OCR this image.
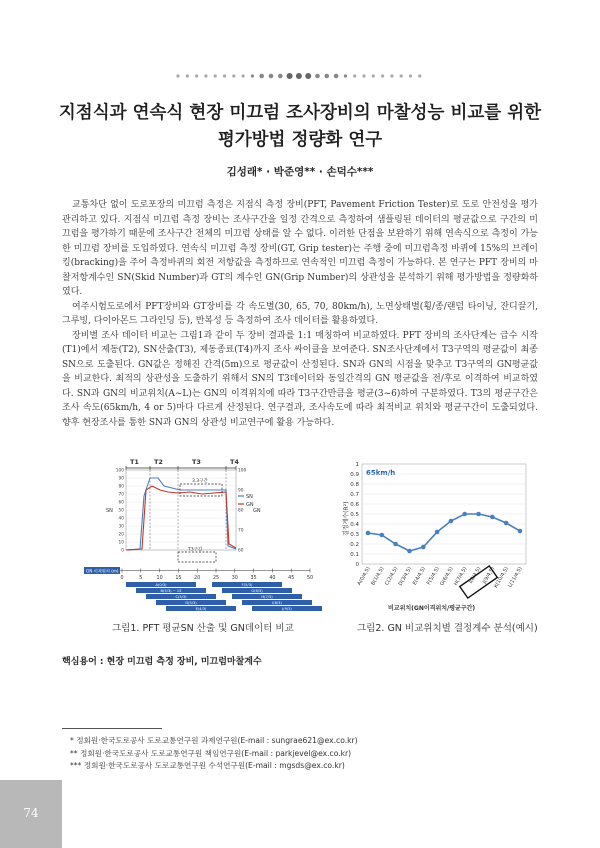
지점식과 연속식 현장 미끄럼 조사장비의 마찰성능 비교를 위한
평가방법 정량화 연구
김성래* · 박준영** · 손덕수***

교통차단 없이 도로포장의 미끄럼 측정은 지점식 측정 장비(PFT, Pavement Friction Tester)로 도로 안전성을 평가 관리하고 있다. 지점식 미끄럼 측정 장비는 조사구간을 일정 간격으로 측정하여 샘플링된 데이터의 평균값으로 구간의 미끄럼을 평가하기 때문에 조사구간 전체의 미끄럼 상태를 알 수 없다. 이러한 단점을 보완하기 위해 연속식으로 측정이 가능한 미끄럼 장비를 도입하였다. 연속식 미끄럼 측정 장비(GT, Grip tester)는 주행 중에 미끄럼측정 바퀴에 15%의 브레이킹(bracking)을 주어 측정바퀴의 회전 저항값을 측정하므로 연속적인 미끄럼 측정이 가능하다. 본 연구는 PFT 장비의 마찰저항계수인 SN(Skid Number)과 GT의 계수인 GN(Grip Number)의 상관성을 분석하기 위해 평가방법을 정량화하였다.

여주시험도로에서 PFT장비와 GT장비를 각 속도별(30, 65, 70, 80km/h), 노면상태별(횡/종/랜덤 타이닝, 잔디끌기, 그루빙, 다이아몬드 그라인딩 등), 반복성 등 측정하여 조사 데이터를 활용하였다.

장비별 조사 데이터 비교는 그림1과 같이 두 장비 결과를 1:1 매칭하여 비교하였다. PFT 장비의 조사단계는 급수 시작(T1)에서 제동(T2), SN산출(T3), 제동종료(T4)까지 조사 싸이클을 보여준다. SN조사단계에서 T3구역의 평균값이 최종 SN으로 도출된다. GN값은 정해진 간격(5m)으로 평균값이 산정된다. SN과 GN의 시점을 맞추고 T3구역의 GN평균값을 비교한다. 최적의 상관성을 도출하기 위해서 SN의 T3데이터와 동일간격의 GN 평균값을 전/후로 이격하여 비교하였다. SN과 GN의 비교위치(A~L)는 GN의 이격위치에 따라 T3구간만큼을 평균(3~6)하여 구분하였다. T3의 평균구간은 조사 속도(65km/h, 4 or 5)마다 다르게 산정된다. 연구결과, 조사속도에 따라 최적비교 위치와 평균구간이 도출되었다. 향후 현장조사를 통한 SN과 GN의 상관성 비교연구에 활용 가능하다.

T1 T2	T3	T4
100
90
80
70
60
50
40
30
20
10
0
100
90
80
70
60
SN	GN
3.3구간
SN
GN
T3구간
GN 이격위치 (m)
0	5	10	15	20	25	30	35	40	45	50
A(0/3)	F(5/3)
B(5/3) ~ 13	G(6/3)
C(5/3)	H(7/3)
D(5/3)	I(8/3)
E(4/3)	J(9/3)
그림1. PFT 평균SN 산출 및 GN데이터 비교
결정계수(R²)
0
0.1
0.2
0.3
0.4
0.5
0.6
0.7
0.8
0.9
1
65km/h
A(0/4,5)
B(1/4,5)
C(2/4,5)
D(3/4,5)
E(4/4,5)
F(5/4,5)
G(6/4,5)
H(7/4,5) I(8/4,5) J(9/4,5)
K(10/4,5)
L(11/4,5)
비교위치(GN이격위치/평균구간)
그림2. GN 비교위치별 결정계수 분석(예시)
핵심용어 : 현장 미끄럼 측정 장비, 미끄럼마찰계수
* 정회원·한국도로공사 도로교통연구원 과제연구원(E-mail : sungrae621@ex.co.kr)
** 정회원·한국도로공사 도로교통연구원 책임연구원(E-mail : parkjevel@ex.co.kr)
*** 정회원·한국도로공사 도로교통연구원 수석연구원(E-mail : mgsds@ex.co.kr)
74
